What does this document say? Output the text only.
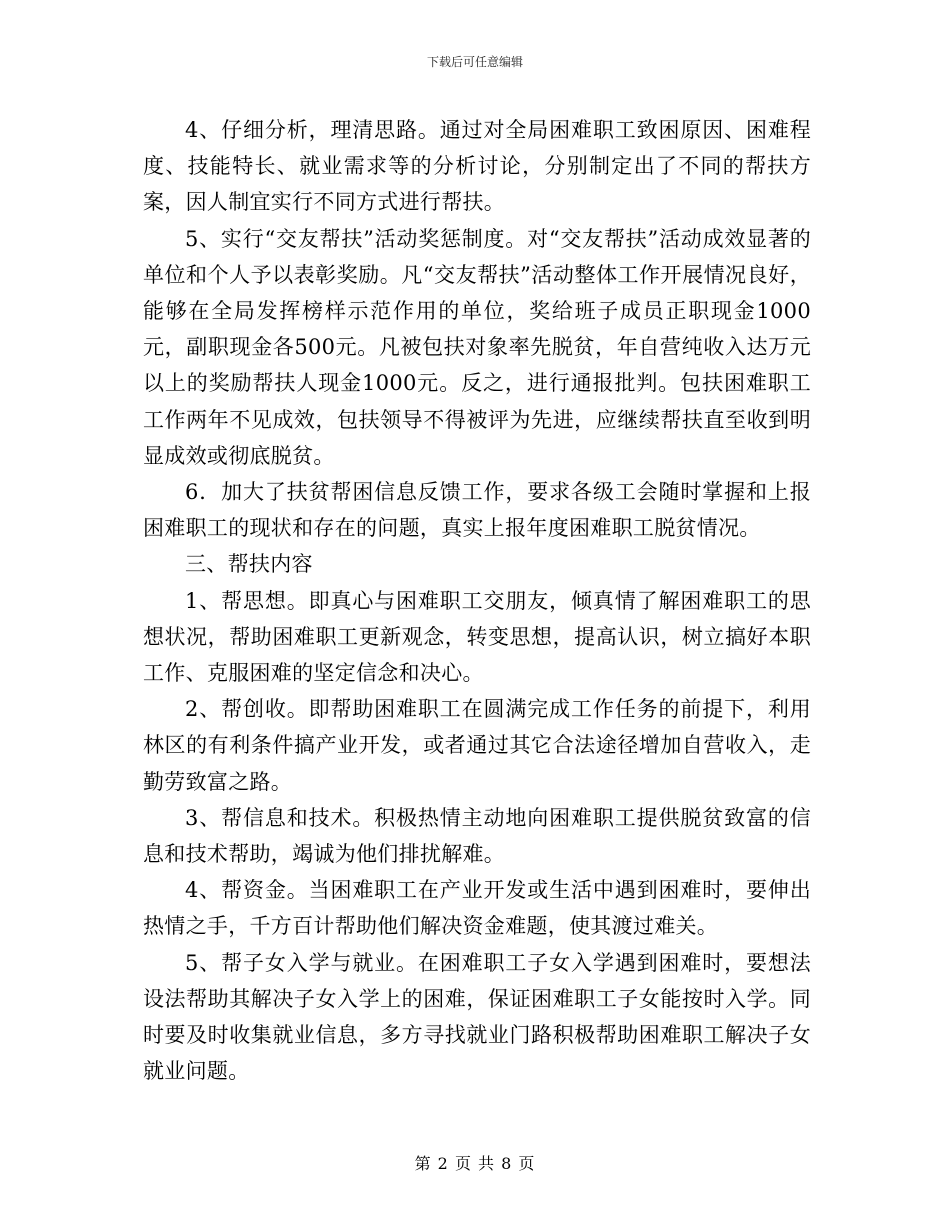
下载后可任意编辑

4、仔细分析，理清思路。通过对全局困难职工致困原因、困难程度、技能特长、就业需求等的分析讨论，分别制定出了不同的帮扶方案，因人制宜实行不同方式进行帮扶。

5、实行“交友帮扶”活动奖惩制度。对“交友帮扶”活动成效显著的单位和个人予以表彰奖励。凡“交友帮扶”活动整体工作开展情况良好，能够在全局发挥榜样示范作用的单位，奖给班子成员正职现金1000元，副职现金各500元。凡被包扶对象率先脱贫，年自营纯收入达万元以上的奖励帮扶人现金1000元。反之，进行通报批判。包扶困难职工工作两年不见成效，包扶领导不得被评为先进，应继续帮扶直至收到明显成效或彻底脱贫。

6．加大了扶贫帮困信息反馈工作，要求各级工会随时掌握和上报困难职工的现状和存在的问题，真实上报年度困难职工脱贫情况。

三、帮扶内容

1、帮思想。即真心与困难职工交朋友，倾真情了解困难职工的思想状况，帮助困难职工更新观念，转变思想，提高认识，树立搞好本职工作、克服困难的坚定信念和决心。

2、帮创收。即帮助困难职工在圆满完成工作任务的前提下，利用林区的有利条件搞产业开发，或者通过其它合法途径增加自营收入，走勤劳致富之路。

3、帮信息和技术。积极热情主动地向困难职工提供脱贫致富的信息和技术帮助，竭诚为他们排扰解难。

4、帮资金。当困难职工在产业开发或生活中遇到困难时，要伸出热情之手，千方百计帮助他们解决资金难题，使其渡过难关。

5、帮子女入学与就业。在困难职工子女入学遇到困难时，要想法设法帮助其解决子女入学上的困难，保证困难职工子女能按时入学。同时要及时收集就业信息，多方寻找就业门路积极帮助困难职工解决子女就业问题。

第 2 页 共 8 页
